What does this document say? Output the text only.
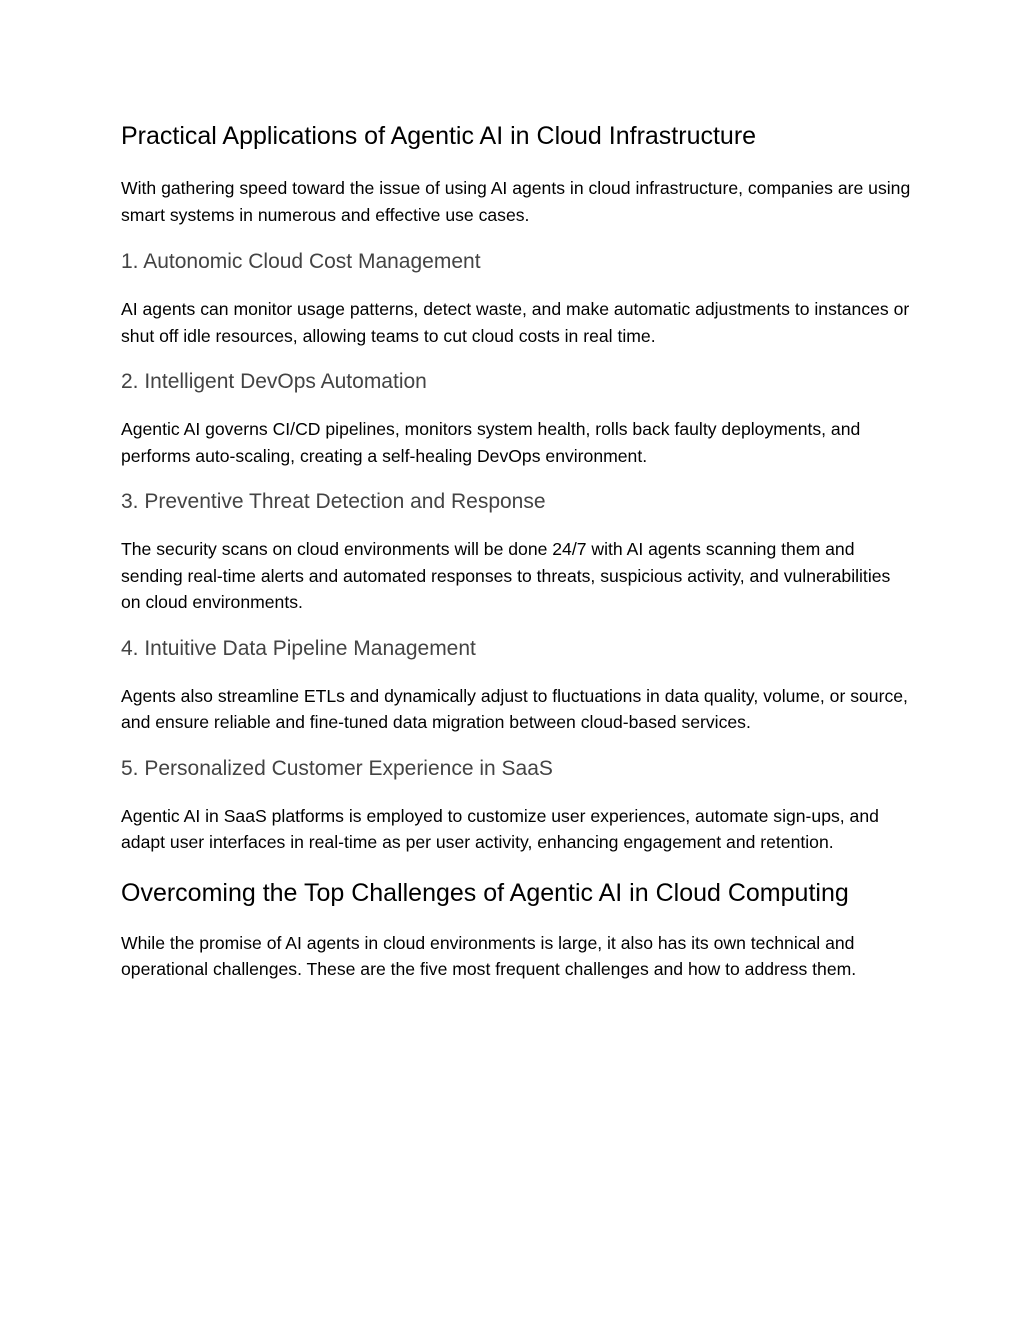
Practical Applications of Agentic AI in Cloud Infrastructure

With gathering speed toward the issue of using AI agents in cloud infrastructure, companies are using smart systems in numerous and effective use cases.

1. Autonomic Cloud Cost Management

AI agents can monitor usage patterns, detect waste, and make automatic adjustments to instances or shut off idle resources, allowing teams to cut cloud costs in real time.

2. Intelligent DevOps Automation

Agentic AI governs CI/CD pipelines, monitors system health, rolls back faulty deployments, and performs auto-scaling, creating a self-healing DevOps environment.

3. Preventive Threat Detection and Response

The security scans on cloud environments will be done 24/7 with AI agents scanning them and sending real-time alerts and automated responses to threats, suspicious activity, and vulnerabilities on cloud environments.

4. Intuitive Data Pipeline Management

Agents also streamline ETLs and dynamically adjust to fluctuations in data quality, volume, or source, and ensure reliable and fine-tuned data migration between cloud-based services.

5. Personalized Customer Experience in SaaS

Agentic AI in SaaS platforms is employed to customize user experiences, automate sign-ups, and adapt user interfaces in real-time as per user activity, enhancing engagement and retention.

Overcoming the Top Challenges of Agentic AI in Cloud Computing

While the promise of AI agents in cloud environments is large, it also has its own technical and operational challenges. These are the five most frequent challenges and how to address them.
